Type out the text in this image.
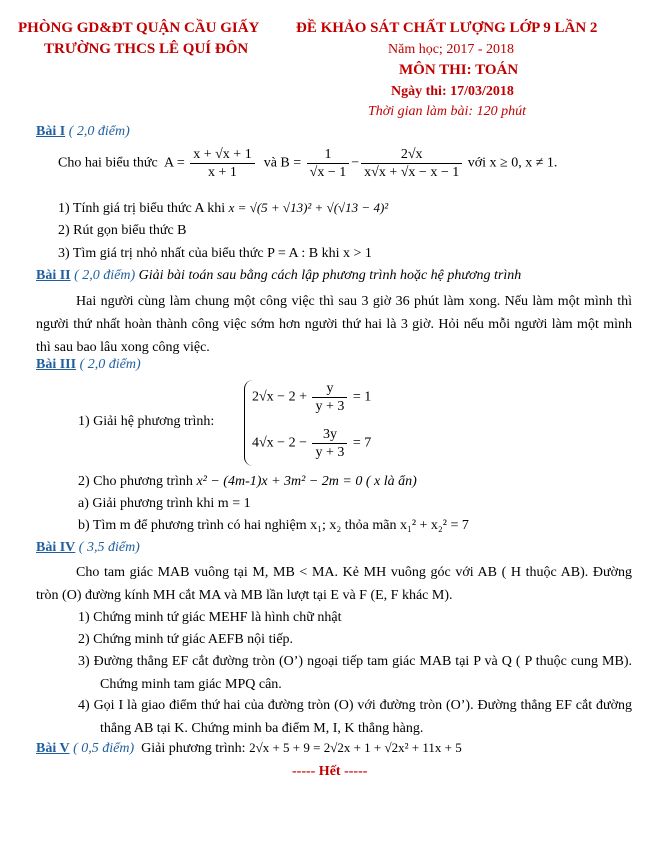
PHÒNG GD&ĐT QUẬN CẦU GIẤY
TRƯỜNG THCS LÊ QUÍ ĐÔN
ĐỀ KHẢO SÁT CHẤT LƯỢNG LỚP 9 LẦN 2
Năm học; 2017 - 2018
MÔN THI: TOÁN
Ngày thi: 17/03/2018
Thời gian làm bài: 120 phút
Bài I ( 2,0 điểm)
Cho hai biểu thức $A = \frac{x + √x + 1}{x + 1}$ và $B = \frac{1}{√x - 1} - \frac{2√x}{x√x + √x - x - 1}$ với x ≥ 0, x ≠ 1.
1) Tính giá trị biểu thức A khi x = √(5 + √13)² + √(√13 − 4)²
2) Rút gọn biểu thức B
3) Tìm giá trị nhỏ nhất của biểu thức P = A : B khi x > 1
Bài II ( 2,0 điểm) Giải bài toán sau bằng cách lập phương trình hoặc hệ phương trình
Hai người cùng làm chung một công việc thì sau 3 giờ 36 phút làm xong. Nếu làm một mình thì người thứ nhất hoàn thành công việc sớm hơn người thứ hai là 3 giờ. Hỏi nếu mỗi người làm một mình thì sau bao lâu xong công việc.
Bài III ( 2,0 điểm)
1) Giải hệ phương trình:
$2√x - 2 + \frac{y}{y + 3} = 1$
$4√x - 2 - \frac{3y}{y + 3} = 7$
2) Cho phương trình x² − (4m-1)x + 3m² − 2m = 0 ( x là ẩn)
a) Giải phương trình khi m = 1
b) Tìm m để phương trình có hai nghiệm x₁; x₂ thỏa mãn x₁² + x₂² = 7
Bài IV ( 3,5 điểm)
Cho tam giác MAB vuông tại M, MB < MA. Kẻ MH vuông góc với AB ( H thuộc AB). Đường tròn (O) đường kính MH cắt MA và MB lần lượt tại E và F (E, F khác M).
1) Chứng minh tứ giác MEHF là hình chữ nhật
2) Chứng minh tứ giác AEFB nội tiếp.
3) Đường thẳng EF cắt đường tròn (O’) ngoại tiếp tam giác MAB tại P và Q ( P thuộc cung MB). Chứng minh tam giác MPQ cân.
4) Gọi I là giao điểm thứ hai của đường tròn (O) với đường tròn (O’). Đường thẳng EF cắt đường thẳng AB tại K. Chứng minh ba điểm M, I, K thẳng hàng.
Bài V ( 0,5 điểm) Giải phương trình: 2√x + 5 + 9 = 2√2x + 1 + √2x² + 11x + 5
----- Hết -----
